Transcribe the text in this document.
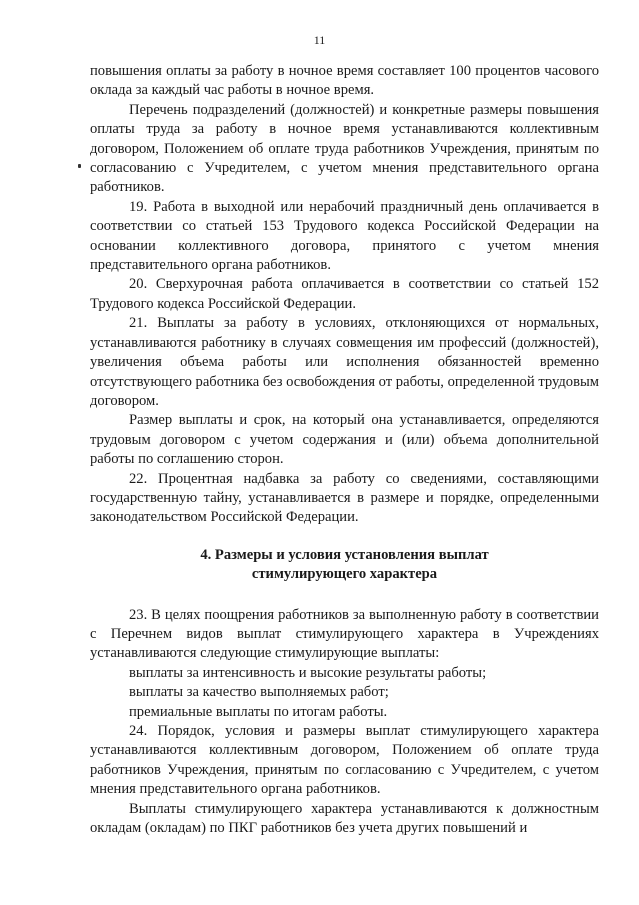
11

повышения оплаты за работу в ночное время составляет 100 процентов часового оклада за каждый час работы в ночное время.

Перечень подразделений (должностей) и конкретные размеры повышения оплаты труда за работу в ночное время устанавливаются коллективным договором, Положением об оплате труда работников Учреждения, принятым по согласованию с Учредителем, с учетом мнения представительного органа работников.

19. Работа в выходной или нерабочий праздничный день оплачивается в соответствии со статьей 153 Трудового кодекса Российской Федерации на основании коллективного договора, принятого с учетом мнения представительного органа работников.

20. Сверхурочная работа оплачивается в соответствии со статьей 152 Трудового кодекса Российской Федерации.

21. Выплаты за работу в условиях, отклоняющихся от нормальных, устанавливаются работнику в случаях совмещения им профессий (должностей), увеличения объема работы или исполнения обязанностей временно отсутствующего работника без освобождения от работы, определенной трудовым договором.

Размер выплаты и срок, на который она устанавливается, определяются трудовым договором с учетом содержания и (или) объема дополнительной работы по соглашению сторон.

22. Процентная надбавка за работу со сведениями, составляющими государственную тайну, устанавливается в размере и порядке, определенными законодательством Российской Федерации.

4. Размеры и условия установления выплат
стимулирующего характера

23. В целях поощрения работников за выполненную работу в соответствии с Перечнем видов выплат стимулирующего характера в Учреждениях устанавливаются следующие стимулирующие выплаты:

выплаты за интенсивность и высокие результаты работы;

выплаты за качество выполняемых работ;

премиальные выплаты по итогам работы.

24. Порядок, условия и размеры выплат стимулирующего характера устанавливаются коллективным договором, Положением об оплате труда работников Учреждения, принятым по согласованию с Учредителем, с учетом мнения представительного органа работников.

Выплаты стимулирующего характера устанавливаются к должностным окладам (окладам) по ПКГ работников без учета других повышений и
